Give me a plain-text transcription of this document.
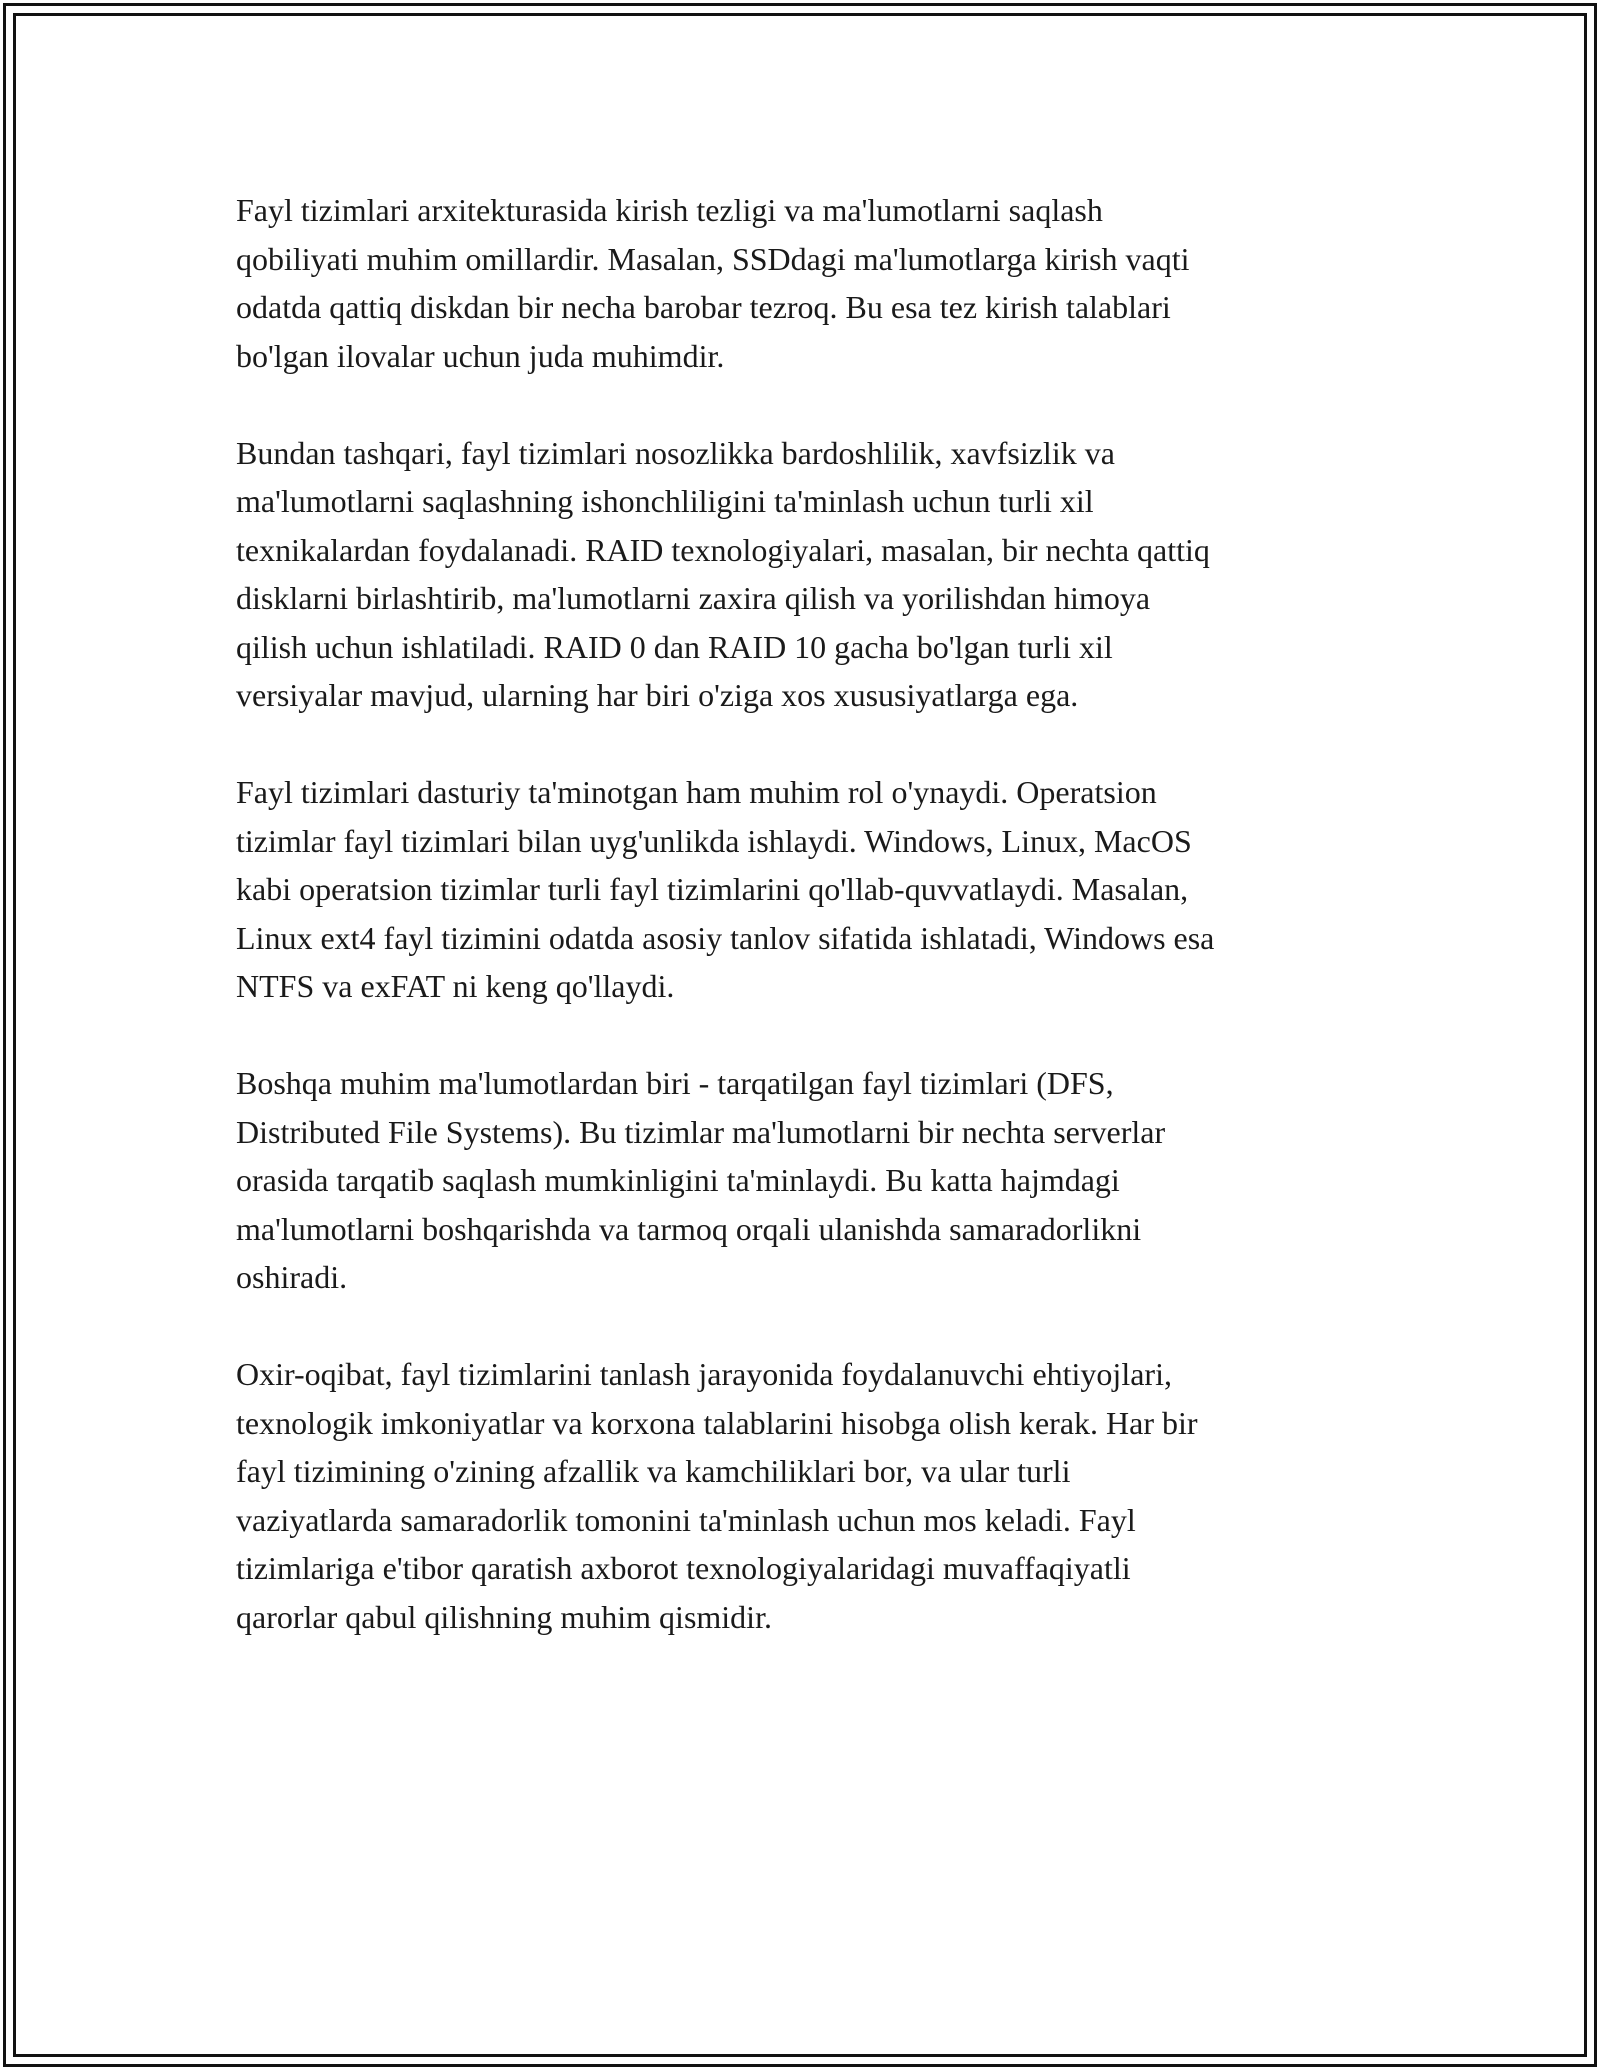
Fayl tizimlari arxitekturasida kirish tezligi va ma'lumotlarni saqlash
qobiliyati muhim omillardir. Masalan, SSDdagi ma'lumotlarga kirish vaqti
odatda qattiq diskdan bir necha barobar tezroq. Bu esa tez kirish talablari
bo'lgan ilovalar uchun juda muhimdir.

Bundan tashqari, fayl tizimlari nosozlikka bardoshlilik, xavfsizlik va
ma'lumotlarni saqlashning ishonchliligini ta'minlash uchun turli xil
texnikalardan foydalanadi. RAID texnologiyalari, masalan, bir nechta qattiq
disklarni birlashtirib, ma'lumotlarni zaxira qilish va yorilishdan himoya
qilish uchun ishlatiladi. RAID 0 dan RAID 10 gacha bo'lgan turli xil
versiyalar mavjud, ularning har biri o'ziga xos xususiyatlarga ega.

Fayl tizimlari dasturiy ta'minotgan ham muhim rol o'ynaydi. Operatsion
tizimlar fayl tizimlari bilan uyg'unlikda ishlaydi. Windows, Linux, MacOS
kabi operatsion tizimlar turli fayl tizimlarini qo'llab-quvvatlaydi. Masalan,
Linux ext4 fayl tizimini odatda asosiy tanlov sifatida ishlatadi, Windows esa
NTFS va exFAT ni keng qo'llaydi.

Boshqa muhim ma'lumotlardan biri - tarqatilgan fayl tizimlari (DFS,
Distributed File Systems). Bu tizimlar ma'lumotlarni bir nechta serverlar
orasida tarqatib saqlash mumkinligini ta'minlaydi. Bu katta hajmdagi
ma'lumotlarni boshqarishda va tarmoq orqali ulanishda samaradorlikni
oshiradi.

Oxir-oqibat, fayl tizimlarini tanlash jarayonida foydalanuvchi ehtiyojlari,
texnologik imkoniyatlar va korxona talablarini hisobga olish kerak. Har bir
fayl tizimining o'zining afzallik va kamchiliklari bor, va ular turli
vaziyatlarda samaradorlik tomonini ta'minlash uchun mos keladi. Fayl
tizimlariga e'tibor qaratish axborot texnologiyalaridagi muvaffaqiyatli
qarorlar qabul qilishning muhim qismidir.
